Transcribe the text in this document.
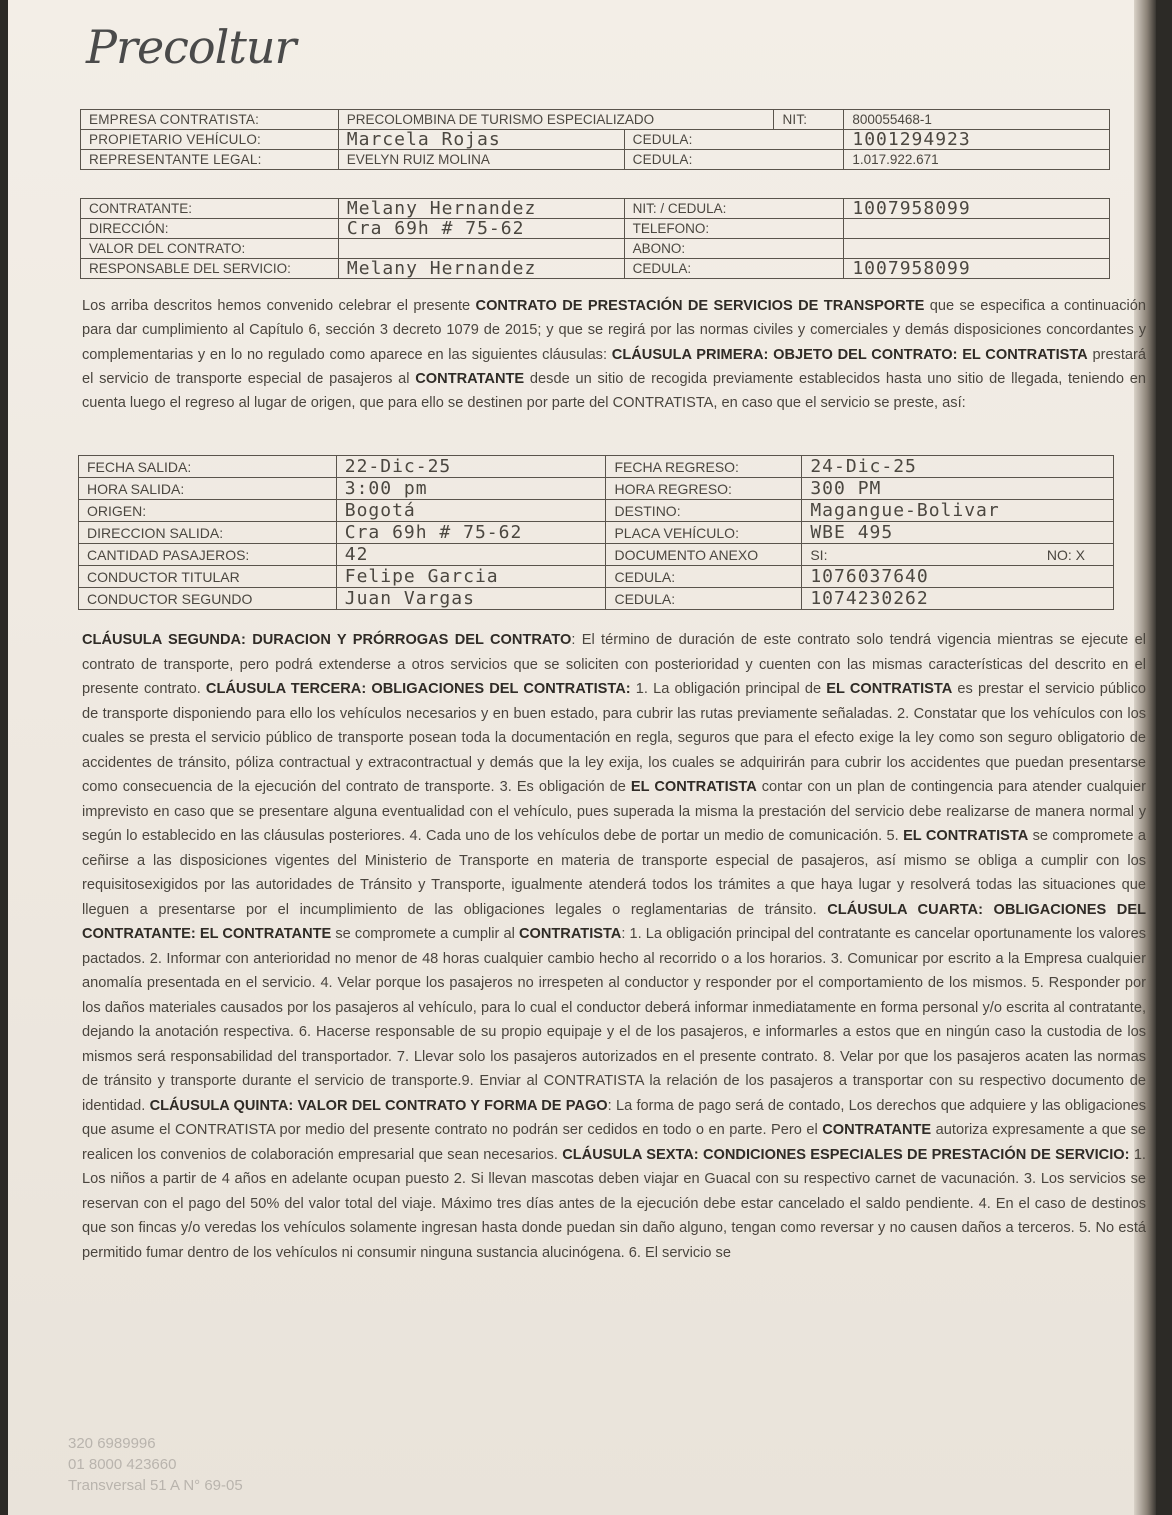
Precoltur
EMPRESA CONTRATISTA:	PRECOLOMBINA DE TURISMO ESPECIALIZADO		NIT:	800055468-1
PROPIETARIO VEHÍCULO:	Marcela Rojas	CEDULA:		1001294923
REPRESENTANTE LEGAL:	EVELYN RUIZ MOLINA	CEDULA:		1.017.922.671
CONTRATANTE:	Melany Hernandez	NIT: / CEDULA:	1007958099
DIRECCIÓN:	Cra 69h # 75-62	TELEFONO:	
VALOR DEL CONTRATO:		ABONO:	
RESPONSABLE DEL SERVICIO:	Melany Hernandez	CEDULA:	1007958099

Los arriba descritos hemos convenido celebrar el presente CONTRATO DE PRESTACIÓN DE SERVICIOS DE TRANSPORTE que se especifica a continuación para dar cumplimiento al Capítulo 6, sección 3 decreto 1079 de 2015; y que se regirá por las normas civiles y comerciales y demás disposiciones concordantes y complementarias y en lo no regulado como aparece en las siguientes cláusulas: CLÁUSULA PRIMERA: OBJETO DEL CONTRATO: EL CONTRATISTA prestará el servicio de transporte especial de pasajeros al CONTRATANTE desde un sitio de recogida previamente establecidos hasta uno sitio de llegada, teniendo en cuenta luego el regreso al lugar de origen, que para ello se destinen por parte del CONTRATISTA, en caso que el servicio se preste, así:

FECHA SALIDA:	22-Dic-25	FECHA REGRESO:	24-Dic-25
HORA SALIDA:	3:00 pm	HORA REGRESO:	300 PM
ORIGEN:	Bogotá	DESTINO:	Magangue-Bolivar
DIRECCION SALIDA:	Cra 69h # 75-62	PLACA VEHÍCULO:	WBE 495
CANTIDAD PASAJEROS:	42	DOCUMENTO ANEXO	SI: NO: X

CONDUCTOR TITULAR	Felipe Garcia	CEDULA:	1076037640
CONDUCTOR SEGUNDO	Juan Vargas	CEDULA:	1074230262

CLÁUSULA SEGUNDA: DURACION Y PRÓRROGAS DEL CONTRATO: El término de duración de este contrato solo tendrá vigencia mientras se ejecute el contrato de transporte, pero podrá extenderse a otros servicios que se soliciten con posterioridad y cuenten con las mismas características del descrito en el presente contrato. CLÁUSULA TERCERA: OBLIGACIONES DEL CONTRATISTA: 1. La obligación principal de EL CONTRATISTA es prestar el servicio público de transporte disponiendo para ello los vehículos necesarios y en buen estado, para cubrir las rutas previamente señaladas. 2. Constatar que los vehículos con los cuales se presta el servicio público de transporte posean toda la documentación en regla, seguros que para el efecto exige la ley como son seguro obligatorio de accidentes de tránsito, póliza contractual y extracontractual y demás que la ley exija, los cuales se adquirirán para cubrir los accidentes que puedan presentarse como consecuencia de la ejecución del contrato de transporte. 3. Es obligación de EL CONTRATISTA contar con un plan de contingencia para atender cualquier imprevisto en caso que se presentare alguna eventualidad con el vehículo, pues superada la misma la prestación del servicio debe realizarse de manera normal y según lo establecido en las cláusulas posteriores. 4. Cada uno de los vehículos debe de portar un medio de comunicación. 5. EL CONTRATISTA se compromete a ceñirse a las disposiciones vigentes del Ministerio de Transporte en materia de transporte especial de pasajeros, así mismo se obliga a cumplir con los requisitosexigidos por las autoridades de Tránsito y Transporte, igualmente atenderá todos los trámites a que haya lugar y resolverá todas las situaciones que lleguen a presentarse por el incumplimiento de las obligaciones legales o reglamentarias de tránsito. CLÁUSULA CUARTA: OBLIGACIONES DEL CONTRATANTE: EL CONTRATANTE se compromete a cumplir al CONTRATISTA: 1. La obligación principal del contratante es cancelar oportunamente los valores pactados. 2. Informar con anterioridad no menor de 48 horas cualquier cambio hecho al recorrido o a los horarios. 3. Comunicar por escrito a la Empresa cualquier anomalía presentada en el servicio. 4. Velar porque los pasajeros no irrespeten al conductor y responder por el comportamiento de los mismos. 5. Responder por los daños materiales causados por los pasajeros al vehículo, para lo cual el conductor deberá informar inmediatamente en forma personal y/o escrita al contratante, dejando la anotación respectiva. 6. Hacerse responsable de su propio equipaje y el de los pasajeros, e informarles a estos que en ningún caso la custodia de los mismos será responsabilidad del transportador. 7. Llevar solo los pasajeros autorizados en el presente contrato. 8. Velar por que los pasajeros acaten las normas de tránsito y transporte durante el servicio de transporte.9. Enviar al CONTRATISTA la relación de los pasajeros a transportar con su respectivo documento de identidad. CLÁUSULA QUINTA: VALOR DEL CONTRATO Y FORMA DE PAGO: La forma de pago será de contado, Los derechos que adquiere y las obligaciones que asume el CONTRATISTA por medio del presente contrato no podrán ser cedidos en todo o en parte. Pero el CONTRATANTE autoriza expresamente a que se realicen los convenios de colaboración empresarial que sean necesarios. CLÁUSULA SEXTA: CONDICIONES ESPECIALES DE PRESTACIÓN DE SERVICIO: 1. Los niños a partir de 4 años en adelante ocupan puesto 2. Si llevan mascotas deben viajar en Guacal con su respectivo carnet de vacunación. 3. Los servicios se reservan con el pago del 50% del valor total del viaje. Máximo tres días antes de la ejecución debe estar cancelado el saldo pendiente. 4. En el caso de destinos que son fincas y/o veredas los vehículos solamente ingresan hasta donde puedan sin daño alguno, tengan como reversar y no causen daños a terceros. 5. No está permitido fumar dentro de los vehículos ni consumir ninguna sustancia alucinógena. 6. El servicio se

320 6989996
01 8000 423660
Transversal 51 A N° 69-05
